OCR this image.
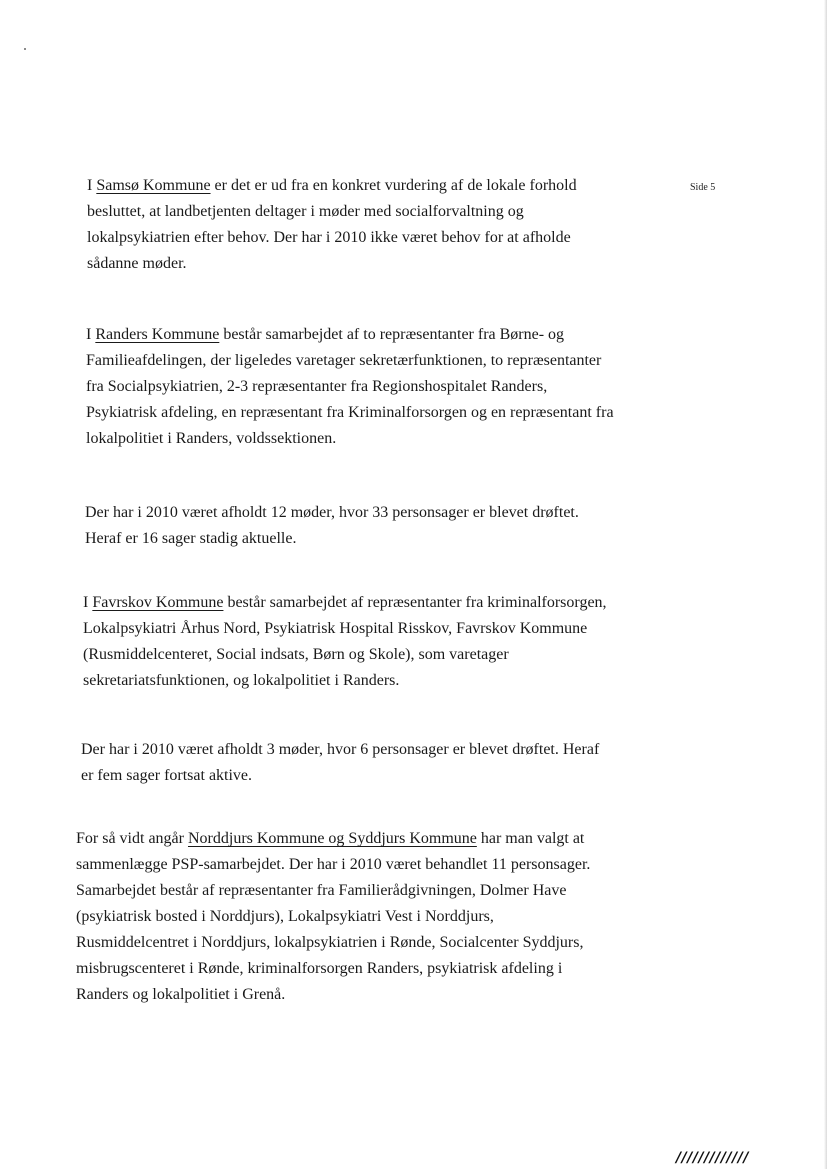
Side 5
I Samsø Kommune er det er ud fra en konkret vurdering af de lokale forhold
besluttet, at landbetjenten deltager i møder med socialforvaltning og
lokalpsykiatrien efter behov. Der har i 2010 ikke været behov for at afholde
sådanne møder.
I Randers Kommune består samarbejdet af to repræsentanter fra Børne- og
Familieafdelingen, der ligeledes varetager sekretærfunktionen, to repræsentanter
fra Socialpsykiatrien, 2-3 repræsentanter fra Regionshospitalet Randers,
Psykiatrisk afdeling, en repræsentant fra Kriminalforsorgen og en repræsentant fra
lokalpolitiet i Randers, voldssektionen.
Der har i 2010 været afholdt 12 møder, hvor 33 personsager er blevet drøftet.
Heraf er 16 sager stadig aktuelle.
I Favrskov Kommune består samarbejdet af repræsentanter fra kriminalforsorgen,
Lokalpsykiatri Århus Nord, Psykiatrisk Hospital Risskov, Favrskov Kommune
(Rusmiddelcenteret, Social indsats, Børn og Skole), som varetager
sekretariatsfunktionen, og lokalpolitiet i Randers.
Der har i 2010 været afholdt 3 møder, hvor 6 personsager er blevet drøftet. Heraf
er fem sager fortsat aktive.
For så vidt angår Norddjurs Kommune og Syddjurs Kommune har man valgt at
sammenlægge PSP-samarbejdet. Der har i 2010 været behandlet 11 personsager.
Samarbejdet består af repræsentanter fra Familierådgivningen, Dolmer Have
(psykiatrisk bosted i Norddjurs), Lokalpsykiatri Vest i Norddjurs,
Rusmiddelcentret i Norddjurs, lokalpsykiatrien i Rønde, Socialcenter Syddjurs,
misbrugscenteret i Rønde, kriminalforsorgen Randers, psykiatrisk afdeling i
Randers og lokalpolitiet i Grenå.
/////////////
